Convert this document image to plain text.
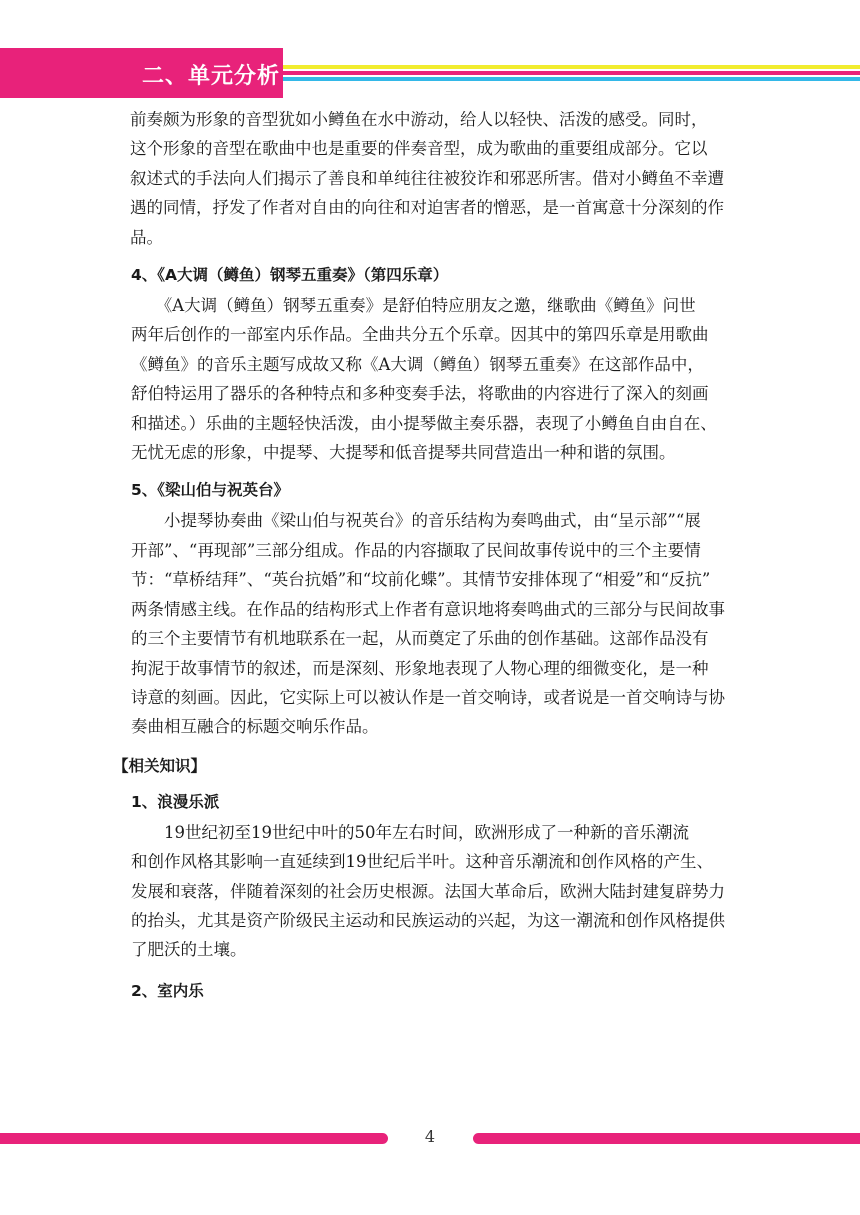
二、单元分析
前奏颇为形象的音型犹如小鳟鱼在水中游动，给人以轻快、活泼的感受。同时，
这个形象的音型在歌曲中也是重要的伴奏音型，成为歌曲的重要组成部分。它以
叙述式的手法向人们揭示了善良和单纯往往被狡诈和邪恶所害。借对小鳟鱼不幸遭
遇的同情，抒发了作者对自由的向往和对迫害者的憎恶，是一首寓意十分深刻的作
品。
4、《A大调（鳟鱼）钢琴五重奏》（第四乐章）
　　《A大调（鳟鱼）钢琴五重奏》是舒伯特应朋友之邀，继歌曲《鳟鱼》问世
两年后创作的一部室内乐作品。全曲共分五个乐章。因其中的第四乐章是用歌曲
《鳟鱼》的音乐主题写成故又称《A大调（鳟鱼）钢琴五重奏》在这部作品中，
舒伯特运用了器乐的各种特点和多种变奏手法，将歌曲的内容进行了深入的刻画
和描述。）乐曲的主题轻快活泼，由小提琴做主奏乐器，表现了小鳟鱼自由自在、
无忧无虑的形象，中提琴、大提琴和低音提琴共同营造出一种和谐的氛围。
5、《梁山伯与祝英台》
　　小提琴协奏曲《梁山伯与祝英台》的音乐结构为奏鸣曲式，由“呈示部”“展
开部”、“再现部”三部分组成。作品的内容撷取了民间故事传说中的三个主要情
节：“草桥结拜”、“英台抗婚”和“坟前化蝶”。其情节安排体现了“相爱”和“反抗”
两条情感主线。在作品的结构形式上作者有意识地将奏鸣曲式的三部分与民间故事
的三个主要情节有机地联系在一起，从而奠定了乐曲的创作基础。这部作品没有
拘泥于故事情节的叙述，而是深刻、形象地表现了人物心理的细微变化，是一种
诗意的刻画。因此，它实际上可以被认作是一首交响诗，或者说是一首交响诗与协
奏曲相互融合的标题交响乐作品。
【相关知识】
1、浪漫乐派
　　19世纪初至19世纪中叶的50年左右时间，欧洲形成了一种新的音乐潮流
和创作风格其影响一直延续到19世纪后半叶。这种音乐潮流和创作风格的产生、
发展和衰落，伴随着深刻的社会历史根源。法国大革命后，欧洲大陆封建复辟势力
的抬头，尤其是资产阶级民主运动和民族运动的兴起，为这一潮流和创作风格提供
了肥沃的土壤。
2、室内乐
4
